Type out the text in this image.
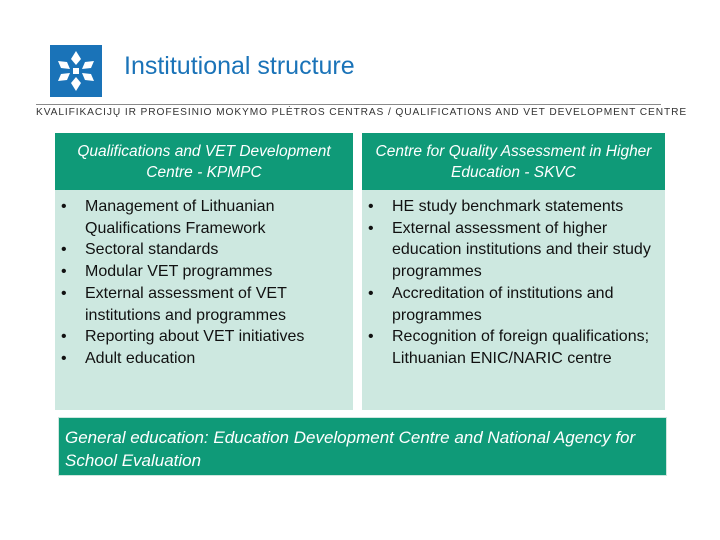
Institutional structure
KVALIFIKACIJŲ IR PROFESINIO MOKYMO PLĖTROS CENTRAS / QUALIFICATIONS AND VET DEVELOPMENT CENTRE
Qualifications and VET Development Centre - KPMPC
• Management of Lithuanian Qualifications Framework
• Sectoral standards
• Modular VET programmes
• External assessment of VET institutions and programmes
• Reporting about VET initiatives
• Adult education
Centre for Quality Assessment in Higher Education - SKVC
• HE study benchmark statements
• External assessment of higher education institutions and their study programmes
• Accreditation of institutions and programmes
• Recognition of foreign qualifications; Lithuanian ENIC/NARIC centre
General education: Education Development Centre and National Agency for School Evaluation
